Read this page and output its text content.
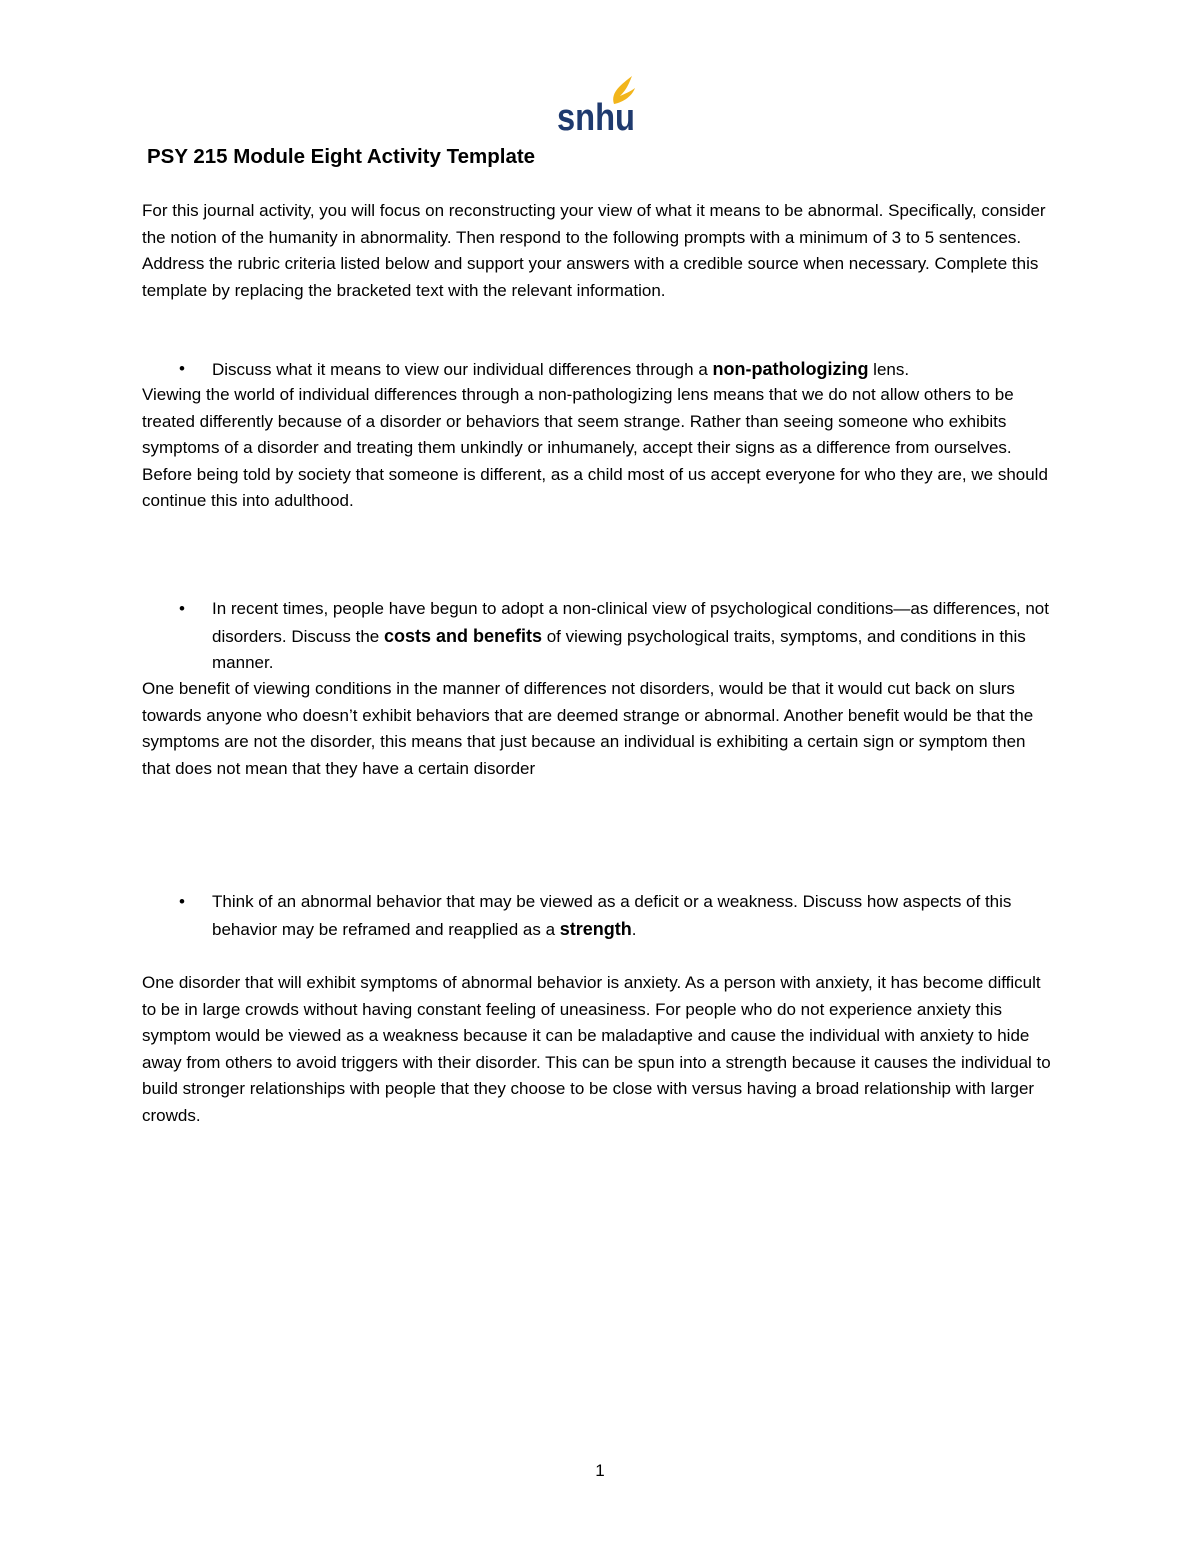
snhu
PSY 215 Module Eight Activity Template

For this journal activity, you will focus on reconstructing your view of what it means to be abnormal. Specifically, consider the notion of the humanity in abnormality. Then respond to the following prompts with a minimum of 3 to 5 sentences. Address the rubric criteria listed below and support your answers with a credible source when necessary. Complete this template by replacing the bracketed text with the relevant information.

•	Discuss what it means to view our individual differences through a non-pathologizing lens.

Viewing the world of individual differences through a non-pathologizing lens means that we do not allow others to be treated differently because of a disorder or behaviors that seem strange. Rather than seeing someone who exhibits symptoms of a disorder and treating them unkindly or inhumanely, accept their signs as a difference from ourselves. Before being told by society that someone is different, as a child most of us accept everyone for who they are, we should continue this into adulthood.

•	In recent times, people have begun to adopt a non-clinical view of psychological conditions—as differences, not disorders. Discuss the costs and benefits of viewing psychological traits, symptoms, and conditions in this manner.

One benefit of viewing conditions in the manner of differences not disorders, would be that it would cut back on slurs towards anyone who doesn’t exhibit behaviors that are deemed strange or abnormal. Another benefit would be that the symptoms are not the disorder, this means that just because an individual is exhibiting a certain sign or symptom then that does not mean that they have a certain disorder

•	Think of an abnormal behavior that may be viewed as a deficit or a weakness. Discuss how aspects of this behavior may be reframed and reapplied as a strength.

One disorder that will exhibit symptoms of abnormal behavior is anxiety. As a person with anxiety, it has become difficult to be in large crowds without having constant feeling of uneasiness. For people who do not experience anxiety this symptom would be viewed as a weakness because it can be maladaptive and cause the individual with anxiety to hide away from others to avoid triggers with their disorder. This can be spun into a strength because it causes the individual to build stronger relationships with people that they choose to be close with versus having a broad relationship with larger crowds.

1
